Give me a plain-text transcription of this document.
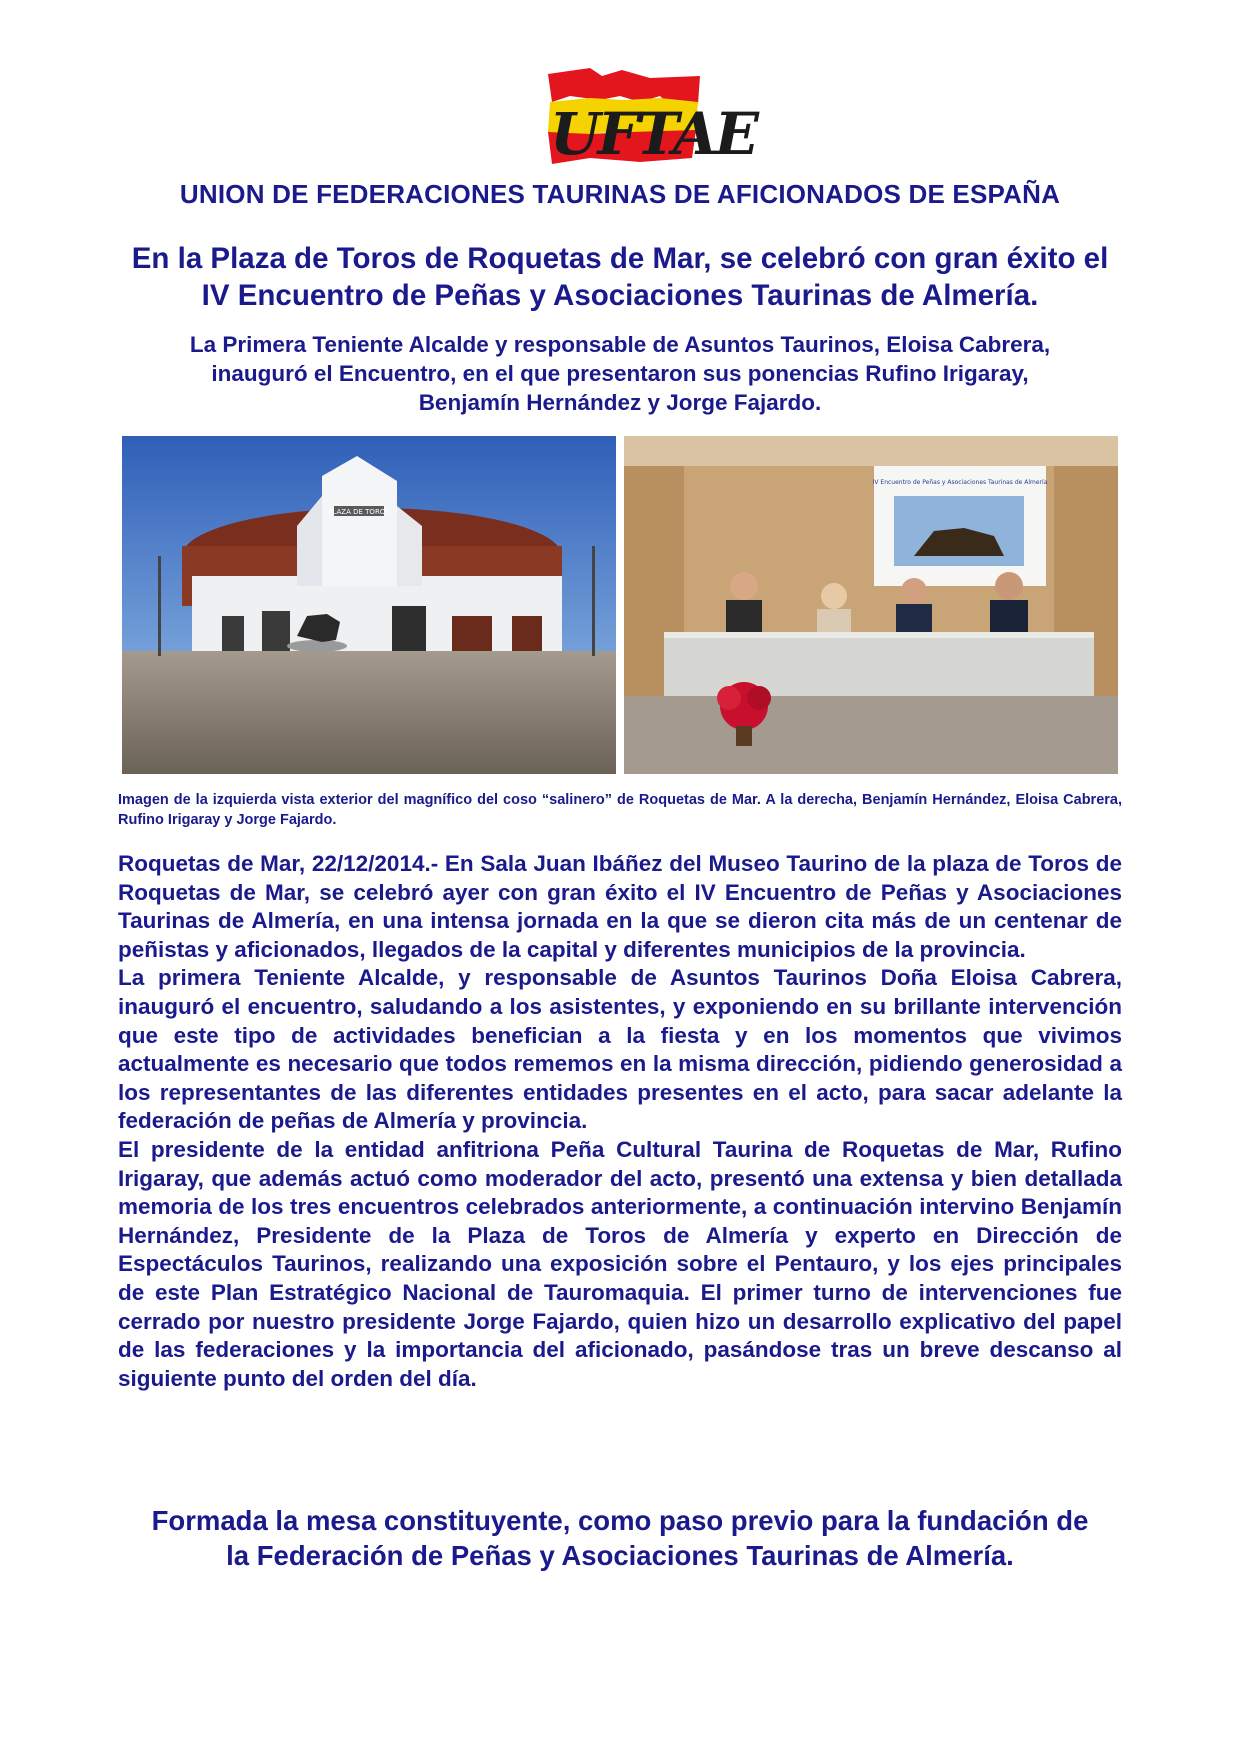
UFTAE
UNION DE FEDERACIONES TAURINAS DE AFICIONADOS DE ESPAÑA
En la Plaza de Toros de Roquetas de Mar, se celebró con gran éxito el
IV Encuentro de Peñas y Asociaciones Taurinas de Almería.
La Primera Teniente Alcalde y responsable de Asuntos Taurinos, Eloisa Cabrera,
inauguró el Encuentro, en el que presentaron sus ponencias Rufino Irigaray,
Benjamín Hernández y Jorge Fajardo.
PLAZA DE TOROS
IV Encuentro de Peñas y Asociaciones Taurinas de Almería
Imagen de la izquierda vista exterior del magnífico del coso “salinero” de Roquetas de Mar. A la derecha, Benjamín Hernández, Eloisa Cabrera, Rufino Irigaray y Jorge Fajardo.

Roquetas de Mar, 22/12/2014.- En Sala Juan Ibáñez del Museo Taurino de la plaza de Toros de Roquetas de Mar, se celebró ayer con gran éxito el IV Encuentro de Peñas y Asociaciones Taurinas de Almería, en una intensa jornada en la que se dieron cita más de un centenar de peñistas y aficionados, llegados de la capital y diferentes municipios de la provincia.

La primera Teniente Alcalde, y responsable de Asuntos Taurinos Doña Eloisa Cabrera, inauguró el encuentro, saludando a los asistentes, y exponiendo en su brillante intervención que este tipo de actividades benefician a la fiesta y en los momentos que vivimos actualmente es necesario que todos rememos en la misma dirección, pidiendo generosidad a los representantes de las diferentes entidades presentes en el acto, para sacar adelante la federación de peñas de Almería y provincia.

El presidente de la entidad anfitriona Peña Cultural Taurina de Roquetas de Mar, Rufino Irigaray, que además actuó como moderador del acto, presentó una extensa y bien detallada memoria de los tres encuentros celebrados anteriormente, a continuación intervino Benjamín Hernández, Presidente de la Plaza de Toros de Almería y experto en Dirección de Espectáculos Taurinos, realizando una exposición sobre el Pentauro, y los ejes principales de este Plan Estratégico Nacional de Tauromaquia. El primer turno de intervenciones fue cerrado por nuestro presidente Jorge Fajardo, quien hizo un desarrollo explicativo del papel de las federaciones y la importancia del aficionado, pasándose tras un breve descanso al siguiente punto del orden del día.

Formada la mesa constituyente, como paso previo para la fundación de
la Federación de Peñas y Asociaciones Taurinas de Almería.
